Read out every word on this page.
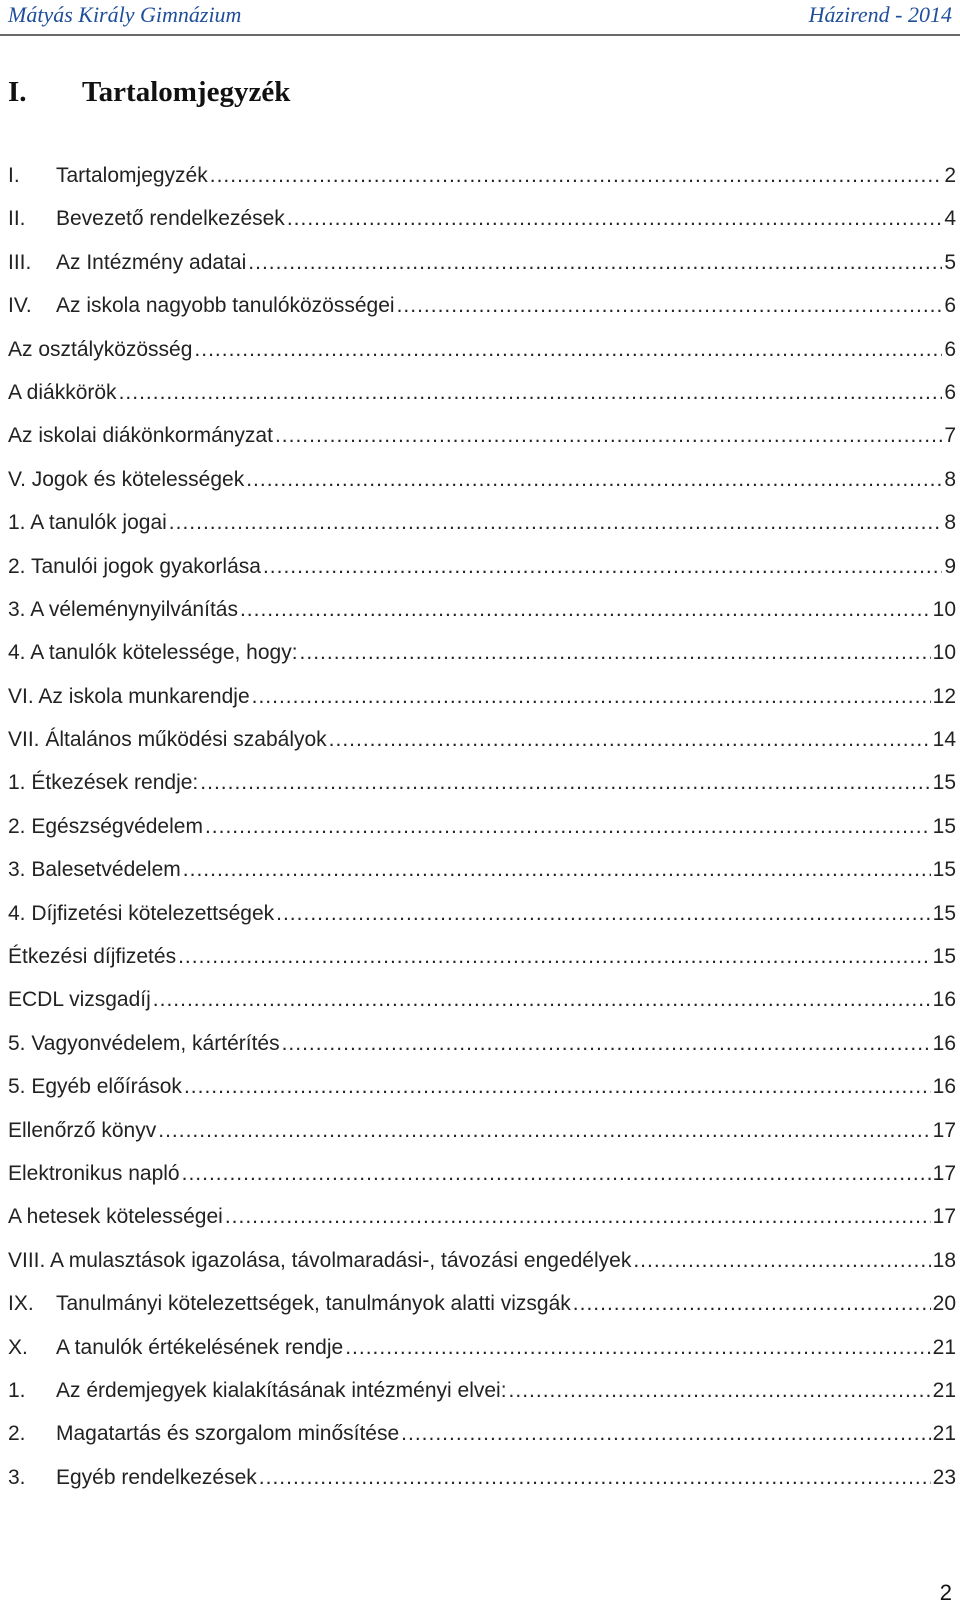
Mátyás Király Gimnázium	Házirend - 2014
I. Tartalomjegyzék
I.	Tartalomjegyzék .....	2
II.	Bevezető rendelkezések .....	4
III.	Az Intézmény adatai .....	5
IV.	Az iskola nagyobb tanulóközösségei .....	6
Az osztályközösség .....	6
A diákkörök .....	6
Az iskolai diákönkormányzat .....	7
V. Jogok és kötelességek .....	8
1. A tanulók jogai .....	8
2. Tanulói jogok gyakorlása .....	9
3. A véleménynyilvánítás .....	10
4. A tanulók kötelessége, hogy: .....	10
VI. Az iskola munkarendje .....	12
VII. Általános működési szabályok .....	14
1. Étkezések rendje: .....	15
2. Egészségvédelem .....	15
3. Balesetvédelem .....	15
4. Díjfizetési kötelezettségek .....	15
Étkezési díjfizetés .....	15
ECDL vizsgadíj .....	16
5. Vagyonvédelem, kártérítés .....	16
5. Egyéb előírások .....	16
Ellenőrző könyv .....	17
Elektronikus napló .....	17
A hetesek kötelességei .....	17
VIII. A mulasztások igazolása, távolmaradási-, távozási engedélyek .....	18
IX.	Tanulmányi kötelezettségek, tanulmányok alatti vizsgák .....	20
X.	A tanulók értékelésének rendje .....	21
1.	Az érdemjegyek kialakításának intézményi elvei: .....	21
2.	Magatartás és szorgalom minősítése .....	21
3.	Egyéb rendelkezések .....	23
2
